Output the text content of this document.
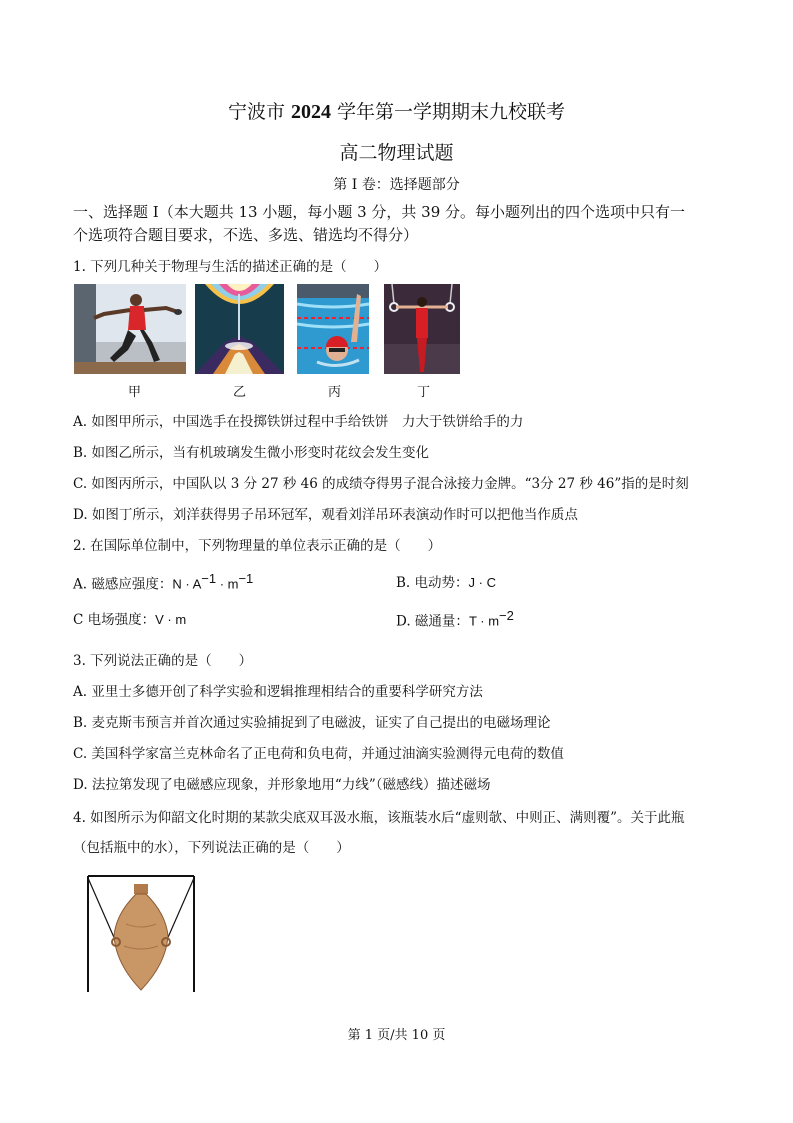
宁波市 2024 学年第一学期期末九校联考
高二物理试题
第 I 卷：选择题部分
一、选择题 I（本大题共 13 小题，每小题 3 分，共 39 分。每小题列出的四个选项中只有一
个选项符合题目要求，不选、多选、错选均不得分）
1. 下列几种关于物理与生活的描述正确的是（　　）
甲	乙	丙	丁
A. 如图甲所示，中国选手在投掷铁饼过程中手给铁饼　力大于铁饼给手的力
B. 如图乙所示，当有机玻璃发生微小形变时花纹会发生变化
C. 如图丙所示，中国队以 3 分 27 秒 46 的成绩夺得男子混合泳接力金牌。“3分 27 秒 46”指的是时刻
D. 如图丁所示，刘洋获得男子吊环冠军，观看刘洋吊环表演动作时可以把他当作质点
2. 在国际单位制中，下列物理量的单位表示正确的是（　　）
A. 磁感应强度：$N \cdot A^{-1} \cdot m^{-1}$	B. 电动势：J · C
C 电场强度：V · m	D. 磁通量：$T \cdot m^{-2}$
3. 下列说法正确的是（　　）
A. 亚里士多德开创了科学实验和逻辑推理相结合的重要科学研究方法
B. 麦克斯韦预言并首次通过实验捕捉到了电磁波，证实了自己提出的电磁场理论
C. 美国科学家富兰克林命名了正电荷和负电荷，并通过油滴实验测得元电荷的数值
D. 法拉第发现了电磁感应现象，并形象地用“力线”（磁感线）描述磁场
4. 如图所示为仰韶文化时期的某款尖底双耳汲水瓶，该瓶装水后“虚则欹、中则正、满则覆”。关于此瓶
（包括瓶中的水），下列说法正确的是（　　）
第 1 页/共 10 页
